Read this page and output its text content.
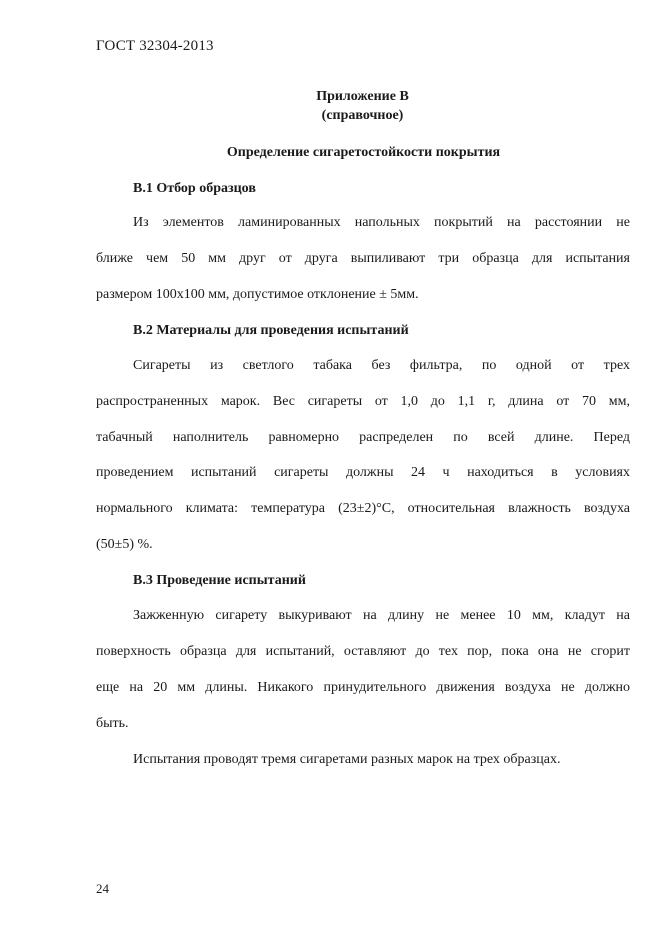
ГОСТ 32304-2013
Приложение В
(справочное)
Определение сигаретостойкости покрытия
В.1 Отбор образцов
Из элементов ламинированных напольных покрытий на расстоянии не
ближе чем 50 мм друг от друга выпиливают три образца для испытания
размером 100х100 мм, допустимое отклонение ± 5мм.
В.2 Материалы для проведения испытаний
Сигареты из светлого табака без фильтра, по одной от трех
распространенных марок. Вес сигареты от 1,0 до 1,1 г, длина от 70 мм,
табачный наполнитель равномерно распределен по всей длине. Перед
проведением испытаний сигареты должны 24 ч находиться в условиях
нормального климата: температура (23±2)°С, относительная влажность воздуха
(50±5) %.
В.3 Проведение испытаний
Зажженную сигарету выкуривают на длину не менее 10 мм, кладут на
поверхность образца для испытаний, оставляют до тех пор, пока она не сгорит
еще на 20 мм длины. Никакого принудительного движения воздуха не должно
быть.
Испытания проводят тремя сигаретами разных марок на трех образцах.
24
